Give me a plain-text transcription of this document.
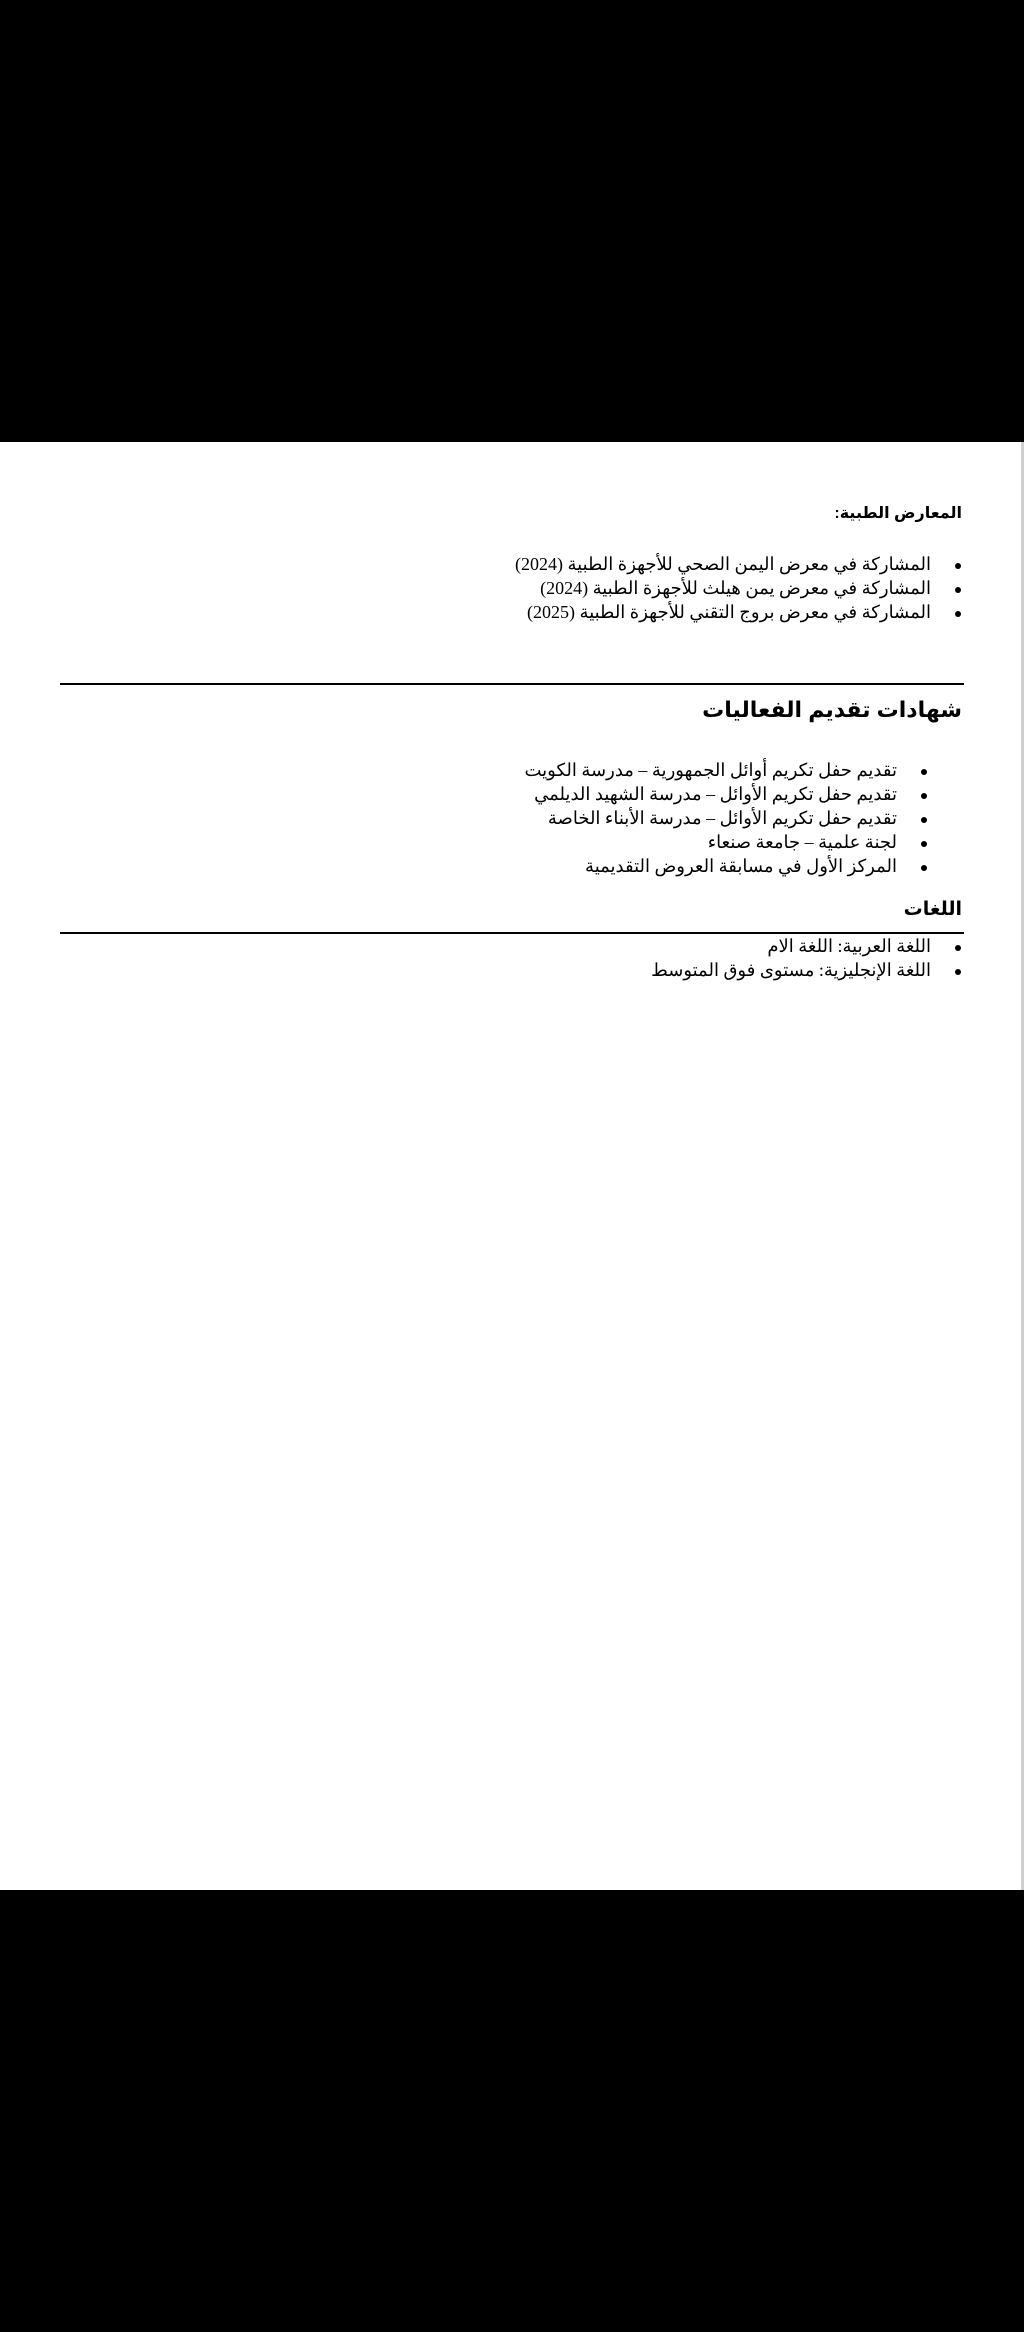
المعارض الطبية:
المشاركة في معرض اليمن الصحي للأجهزة الطبية (2024)
المشاركة في معرض يمن هيلث للأجهزة الطبية (2024)
المشاركة في معرض بروج التقني للأجهزة الطبية (2025)
شهادات تقديم الفعاليات
تقديم حفل تكريم أوائل الجمهورية – مدرسة الكويت
تقديم حفل تكريم الأوائل – مدرسة الشهيد الديلمي
تقديم حفل تكريم الأوائل – مدرسة الأبناء الخاصة
لجنة علمية – جامعة صنعاء
المركز الأول في مسابقة العروض التقديمية
اللغات
اللغة العربية: اللغة الام
اللغة الإنجليزية: مستوى فوق المتوسط
